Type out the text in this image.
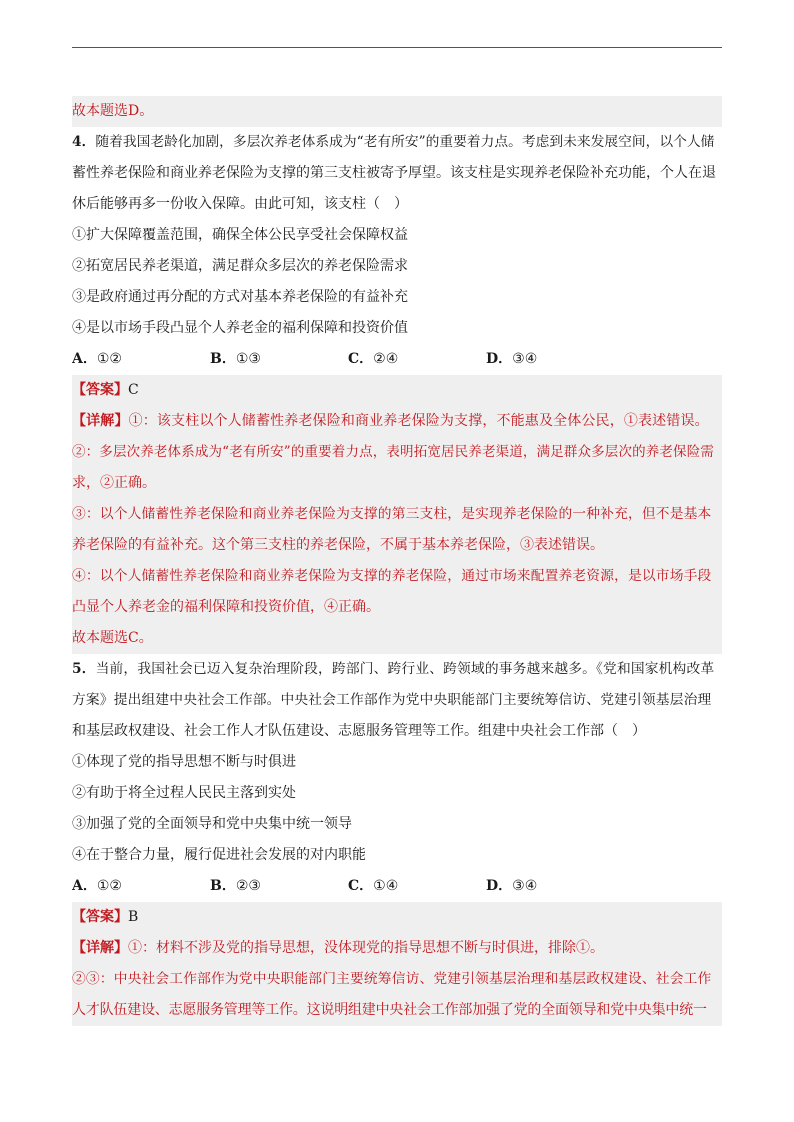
故本题选D。
4．随着我国老龄化加剧，多层次养老体系成为“老有所安”的重要着力点。考虑到未来发展空间，以个人储
蓄性养老保险和商业养老保险为支撑的第三支柱被寄予厚望。该支柱是实现养老保险补充功能，个人在退
休后能够再多一份收入保障。由此可知，该支柱（　）
①扩大保障覆盖范围，确保全体公民享受社会保障权益
②拓宽居民养老渠道，满足群众多层次的养老保险需求
③是政府通过再分配的方式对基本养老保险的有益补充
④是以市场手段凸显个人养老金的福利保障和投资价值
A．①②	B．①③	C．②④	D．③④
【答案】C
【详解】①：该支柱以个人储蓄性养老保险和商业养老保险为支撑，不能惠及全体公民，①表述错误。
②：多层次养老体系成为“老有所安”的重要着力点，表明拓宽居民养老渠道，满足群众多层次的养老保险需
求，②正确。
③：以个人储蓄性养老保险和商业养老保险为支撑的第三支柱，是实现养老保险的一种补充，但不是基本
养老保险的有益补充。这个第三支柱的养老保险，不属于基本养老保险，③表述错误。
④：以个人储蓄性养老保险和商业养老保险为支撑的养老保险，通过市场来配置养老资源，是以市场手段
凸显个人养老金的福利保障和投资价值，④正确。
故本题选C。
5．当前，我国社会已迈入复杂治理阶段，跨部门、跨行业、跨领域的事务越来越多。《党和国家机构改革
方案》提出组建中央社会工作部。中央社会工作部作为党中央职能部门主要统筹信访、党建引领基层治理
和基层政权建设、社会工作人才队伍建设、志愿服务管理等工作。组建中央社会工作部（　）
①体现了党的指导思想不断与时俱进
②有助于将全过程人民民主落到实处
③加强了党的全面领导和党中央集中统一领导
④在于整合力量，履行促进社会发展的对内职能
A．①②	B．②③	C．①④	D．③④
【答案】B
【详解】①：材料不涉及党的指导思想，没体现党的指导思想不断与时俱进，排除①。
②③：中央社会工作部作为党中央职能部门主要统筹信访、党建引领基层治理和基层政权建设、社会工作
人才队伍建设、志愿服务管理等工作。这说明组建中央社会工作部加强了党的全面领导和党中央集中统一
